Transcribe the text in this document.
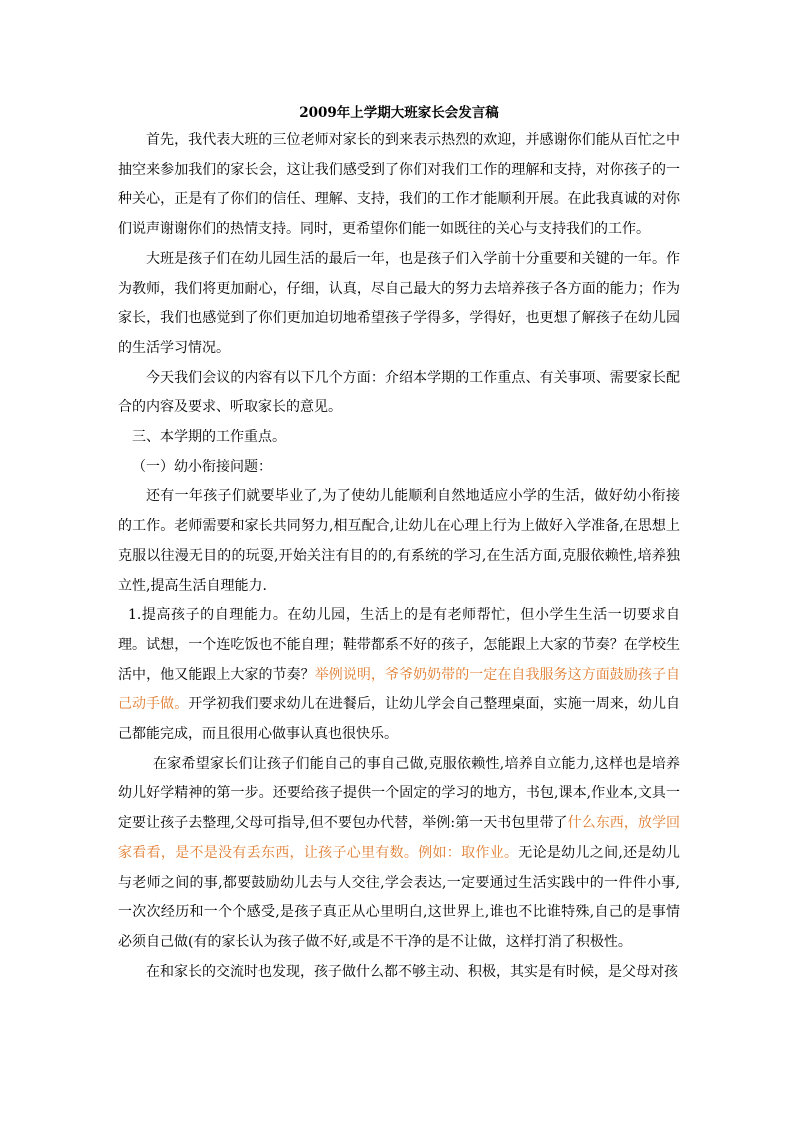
2009年上学期大班家长会发言稿

首先，我代表大班的三位老师对家长的到来表示热烈的欢迎，并感谢你们能从百忙之中抽空来参加我们的家长会，这让我们感受到了你们对我们工作的理解和支持，对你孩子的一种关心，正是有了你们的信任、理解、支持，我们的工作才能顺利开展。在此我真诚的对你们说声谢谢你们的热情支持。同时，更希望你们能一如既往的关心与支持我们的工作。

大班是孩子们在幼儿园生活的最后一年，也是孩子们入学前十分重要和关键的一年。作为教师，我们将更加耐心，仔细，认真，尽自己最大的努力去培养孩子各方面的能力；作为家长，我们也感觉到了你们更加迫切地希望孩子学得多，学得好，也更想了解孩子在幼儿园的生活学习情况。

今天我们会议的内容有以下几个方面：介绍本学期的工作重点、有关事项、需要家长配合的内容及要求、听取家长的意见。

三、本学期的工作重点。

（一）幼小衔接问题：

还有一年孩子们就要毕业了,为了使幼儿能顺利自然地适应小学的生活，做好幼小衔接的工作。老师需要和家长共同努力,相互配合,让幼儿在心理上行为上做好入学准备,在思想上克服以往漫无目的的玩耍,开始关注有目的的,有系统的学习,在生活方面,克服依赖性,培养独立性,提高生活自理能力.

1.提高孩子的自理能力。在幼儿园，生活上的是有老师帮忙，但小学生生活一切要求自理。试想，一个连吃饭也不能自理；鞋带都系不好的孩子，怎能跟上大家的节奏？在学校生活中，他又能跟上大家的节奏？举例说明，爷爷奶奶带的一定在自我服务这方面鼓励孩子自己动手做。开学初我们要求幼儿在进餐后，让幼儿学会自己整理桌面，实施一周来，幼儿自己都能完成，而且很用心做事认真也很快乐。

在家希望家长们让孩子们能自己的事自己做,克服依赖性,培养自立能力,这样也是培养幼儿好学精神的第一步。还要给孩子提供一个固定的学习的地方，书包,课本,作业本,文具一定要让孩子去整理,父母可指导,但不要包办代替，举例:第一天书包里带了什么东西，放学回家看看，是不是没有丢东西，让孩子心里有数。例如：取作业。无论是幼儿之间,还是幼儿与老师之间的事,都要鼓励幼儿去与人交往,学会表达,一定要通过生活实践中的一件件小事,一次次经历和一个个感受,是孩子真正从心里明白,这世界上,谁也不比谁特殊,自己的是事情必须自己做(有的家长认为孩子做不好,或是不干净的是不让做，这样打消了积极性。

在和家长的交流时也发现，孩子做什么都不够主动、积极，其实是有时候，是父母对孩
